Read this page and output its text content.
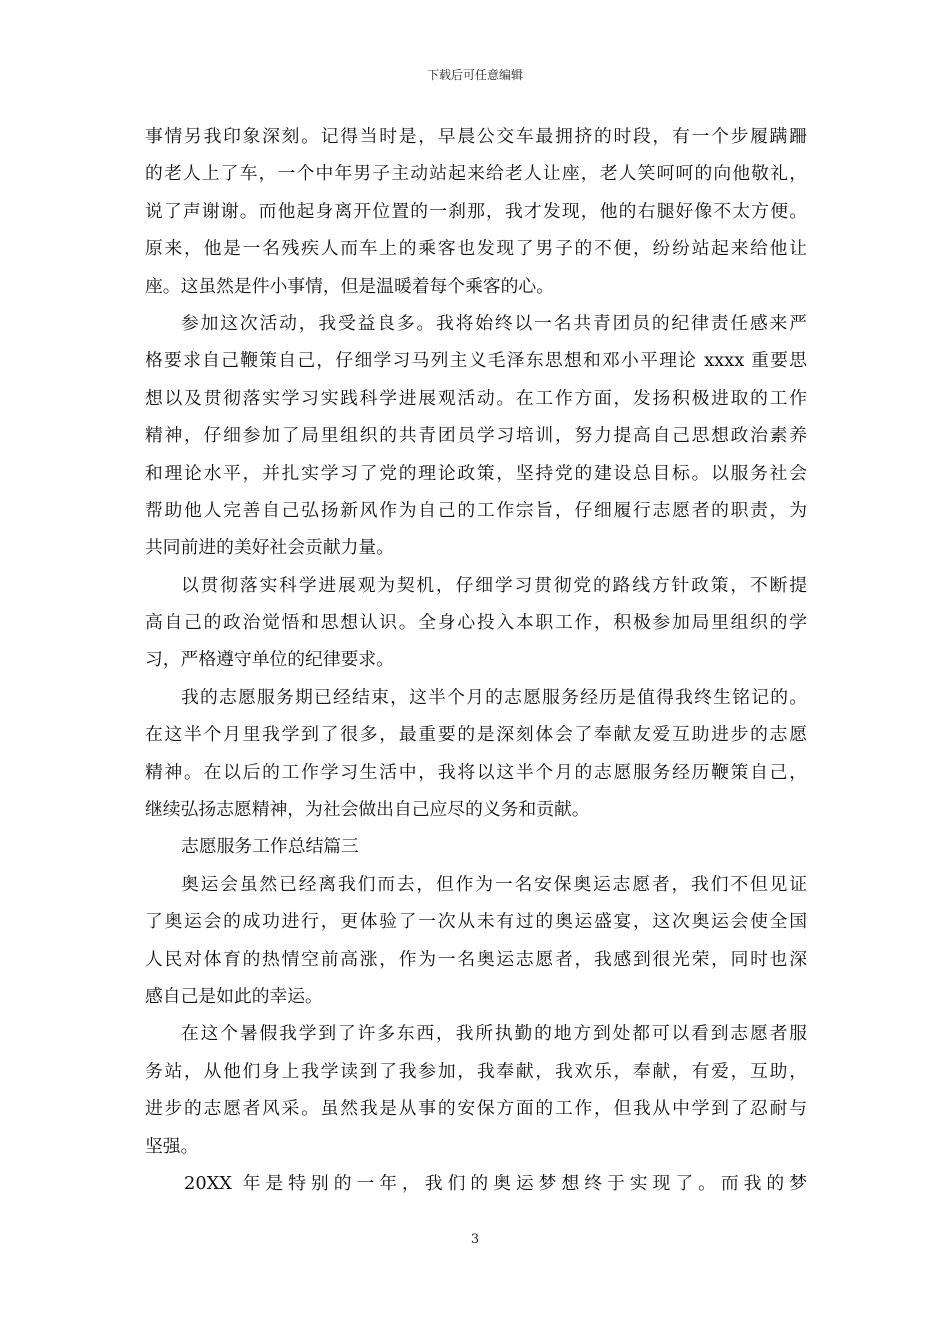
下载后可任意编辑
事情另我印象深刻。记得当时是，早晨公交车最拥挤的时段，有一个步履蹒跚
的老人上了车，一个中年男子主动站起来给老人让座，老人笑呵呵的向他敬礼，
说了声谢谢。而他起身离开位置的一刹那，我才发现，他的右腿好像不太方便。
原来，他是一名残疾人而车上的乘客也发现了男子的不便，纷纷站起来给他让
座。这虽然是件小事情，但是温暖着每个乘客的心。
参加这次活动，我受益良多。我将始终以一名共青团员的纪律责任感来严
格要求自己鞭策自己，仔细学习马列主义毛泽东思想和邓小平理论 xxxx 重要思
想以及贯彻落实学习实践科学进展观活动。在工作方面，发扬积极进取的工作
精神，仔细参加了局里组织的共青团员学习培训，努力提高自己思想政治素养
和理论水平，并扎实学习了党的理论政策，坚持党的建设总目标。以服务社会
帮助他人完善自己弘扬新风作为自己的工作宗旨，仔细履行志愿者的职责，为
共同前进的美好社会贡献力量。
以贯彻落实科学进展观为契机，仔细学习贯彻党的路线方针政策，不断提
高自己的政治觉悟和思想认识。全身心投入本职工作，积极参加局里组织的学
习，严格遵守单位的纪律要求。
我的志愿服务期已经结束，这半个月的志愿服务经历是值得我终生铭记的。
在这半个月里我学到了很多，最重要的是深刻体会了奉献友爱互助进步的志愿
精神。在以后的工作学习生活中，我将以这半个月的志愿服务经历鞭策自己，
继续弘扬志愿精神，为社会做出自己应尽的义务和贡献。
志愿服务工作总结篇三
奥运会虽然已经离我们而去，但作为一名安保奥运志愿者，我们不但见证
了奥运会的成功进行，更体验了一次从未有过的奥运盛宴，这次奥运会使全国
人民对体育的热情空前高涨，作为一名奥运志愿者，我感到很光荣，同时也深
感自己是如此的幸运。
在这个暑假我学到了许多东西，我所执勤的地方到处都可以看到志愿者服
务站，从他们身上我学读到了我参加，我奉献，我欢乐，奉献，有爱，互助，
进步的志愿者风采。虽然我是从事的安保方面的工作，但我从中学到了忍耐与
坚强。
20XX 年是特别的一年，我们的奥运梦想终于实现了。而我的梦
3
